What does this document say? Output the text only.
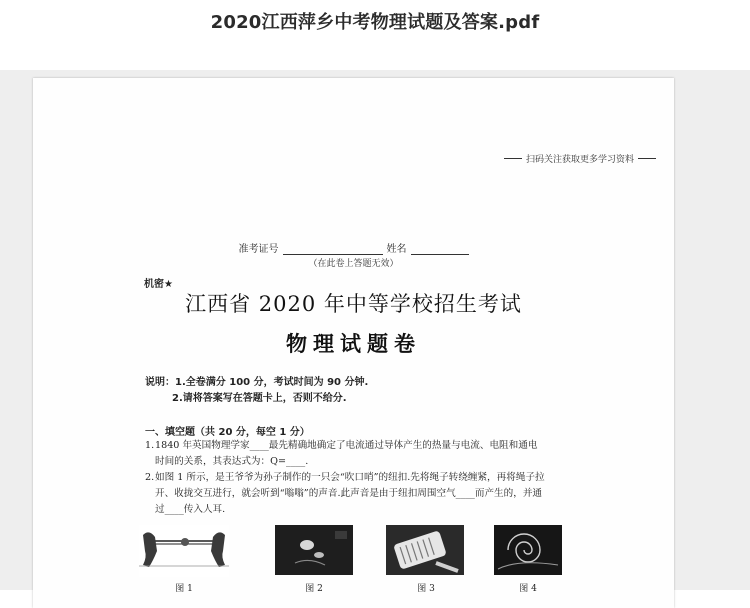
2020江西萍乡中考物理试题及答案.pdf
扫码关注获取更多学习资料
准考证号	姓名
（在此卷上答题无效）
机密★
江西省 2020 年中等学校招生考试
物理试题卷
说明：1.全卷满分 100 分，考试时间为 90 分钟.
2.请将答案写在答题卡上，否则不给分.
一、填空题（共 20 分，每空 1 分）
1.1840 年英国物理学家____最先精确地确定了电流通过导体产生的热量与电流、电阻和通电
时间的关系，其表达式为：Q=____.
2.如图 1 所示，是王爷爷为孙子制作的一只会“吹口哨”的纽扣.先将绳子转绕缠紧，再将绳子拉
开、收拢交互进行，就会听到“嗡嗡”的声音.此声音是由于纽扣周围空气____而产生的，并通
过____传入人耳.
图 1	图 2	图 3	图 4
